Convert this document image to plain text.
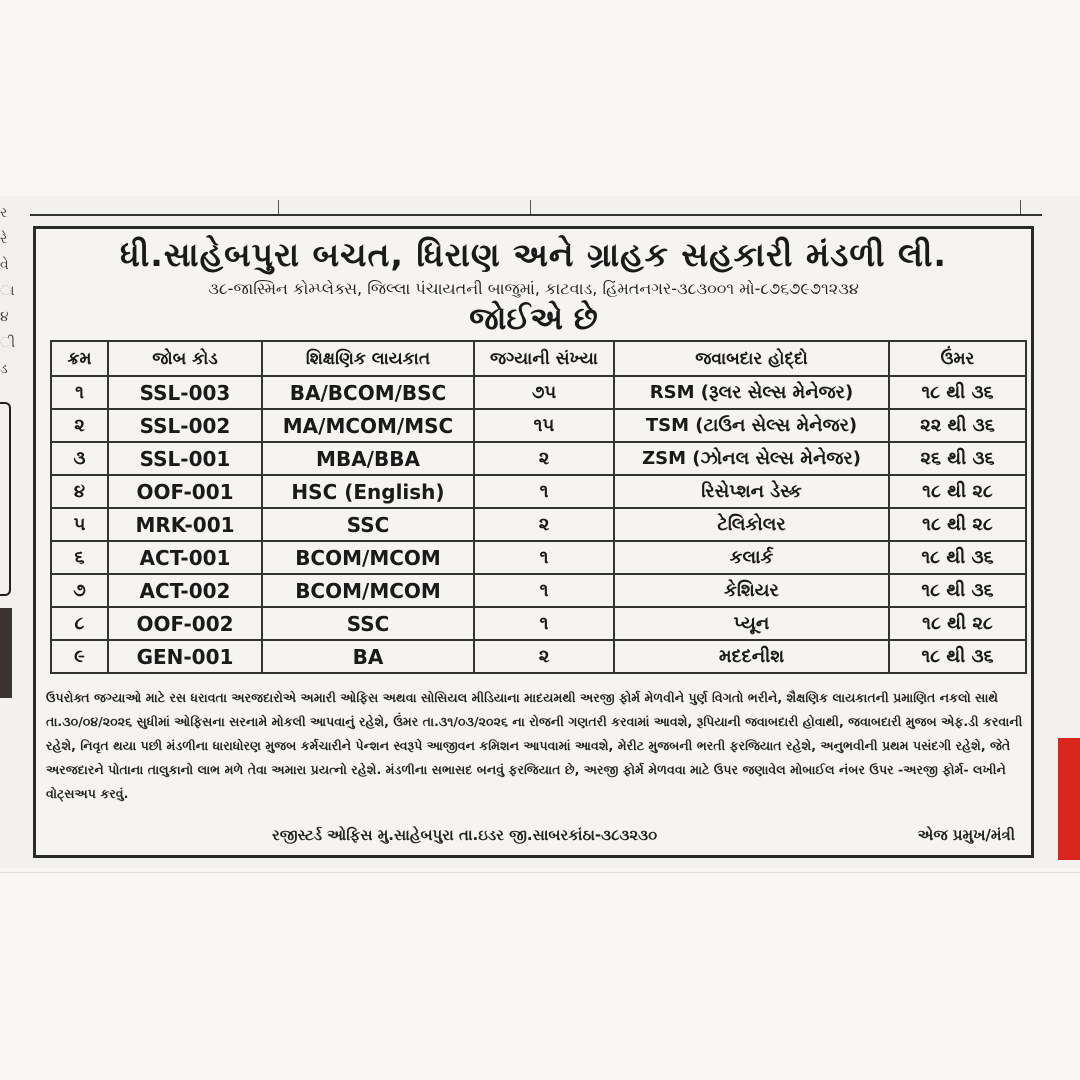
ર
રે
વે
ા
૪
ી
ડ
ધી.સાહેબપુરા બચત, ધિરાણ અને ગ્રાહક સહકારી મંડળી લી.
૩૮-જાસ્મિન કોમ્પ્લેક્સ, જિલ્લા પંચાયતની બાજુમાં, કાટવાડ, હિંમતનગર-૩૮૩૦૦૧ મો-૮૭૬૭૯૭૧૨૩૪
જોઈએ છે
ક્રમ	જોબ કોડ	શિક્ષણિક લાયકાત	જગ્યાની સંખ્યા	જવાબદાર હોદ્દો	ઉંમર
૧	SSL-003	BA/BCOM/BSC	૭૫	RSM (રૂલર સેલ્સ મેનેજર)	૧૮ થી ૩૬
૨	SSL-002	MA/MCOM/MSC	૧૫	TSM (ટાઉન સેલ્સ મેનેજર)	૨૨ થી ૩૬
૩	SSL-001	MBA/BBA	૨	ZSM (ઝોનલ સેલ્સ મેનેજર)	૨૬ થી ૩૬
૪	OOF-001	HSC (English)	૧	રિસેપ્શન ડેસ્ક	૧૮ થી ૨૮
૫	MRK-001	SSC	૨	ટેલિકોલર	૧૮ થી ૨૮
૬	ACT-001	BCOM/MCOM	૧	કલાર્ક	૧૮ થી ૩૬
૭	ACT-002	BCOM/MCOM	૧	કેશિયર	૧૮ થી ૩૬
૮	OOF-002	SSC	૧	પ્યૂન	૧૮ થી ૨૮
૯	GEN-001	BA	૨	મદદનીશ	૧૮ થી ૩૬
ઉપરોક્ત જગ્યાઓ માટે રસ ધરાવતા અરજદારોએ અમારી ઓફિસ અથવા સોસિયલ મીડિયાના માદયમથી અરજી ફોર્મ મેળવીને પુર્ણ વિગતો ભરીને, શૈક્ષણિક લાયકાતની પ્રમાણિત નકલો સાથે તા.૩૦/૦૪/૨૦૨૬ સુધીમાં ઓફિસના સરનામે મોકલી આપવાનું રહેશે, ઉંમર તા.૩૧/૦૩/૨૦૨૬ ના રોજની ગણતરી કરવામાં આવશે, રૂપિયાની જવાબદારી હોવાથી, જવાબદારી મુજબ એફ.ડી કરવાની રહેશે, નિવૃત થયા પછી મંડળીના ધારાધોરણ મુજબ કર્મચારીને પેન્શન સ્વરૂપે આજીવન કમિશન આપવામાં આવશે, મેરીટ મુજબની ભરતી ફરજિયાત રહેશે, અનુભવીની પ્રથમ પસંદગી રહેશે, જેતે અરજદારને પોતાના તાલુકાનો લાભ મળે તેવા અમારા પ્રયત્નો રહેશે. મંડળીના સભાસદ બનવું ફરજિયાત છે, અરજી ફોર્મ મેળવવા માટે ઉપર જણાવેલ મોબાઈલ નંબર ઉપર -અરજી ફોર્મ- લખીને વોટ્સઅપ કરવું.
રજીસ્ટર્ડ ઓફિસ મુ.સાહેબપુરા તા.ઇડર જી.સાબરકાંઠા-૩૮૩૨૩૦	એજ પ્રમુખ/મંત્રી
